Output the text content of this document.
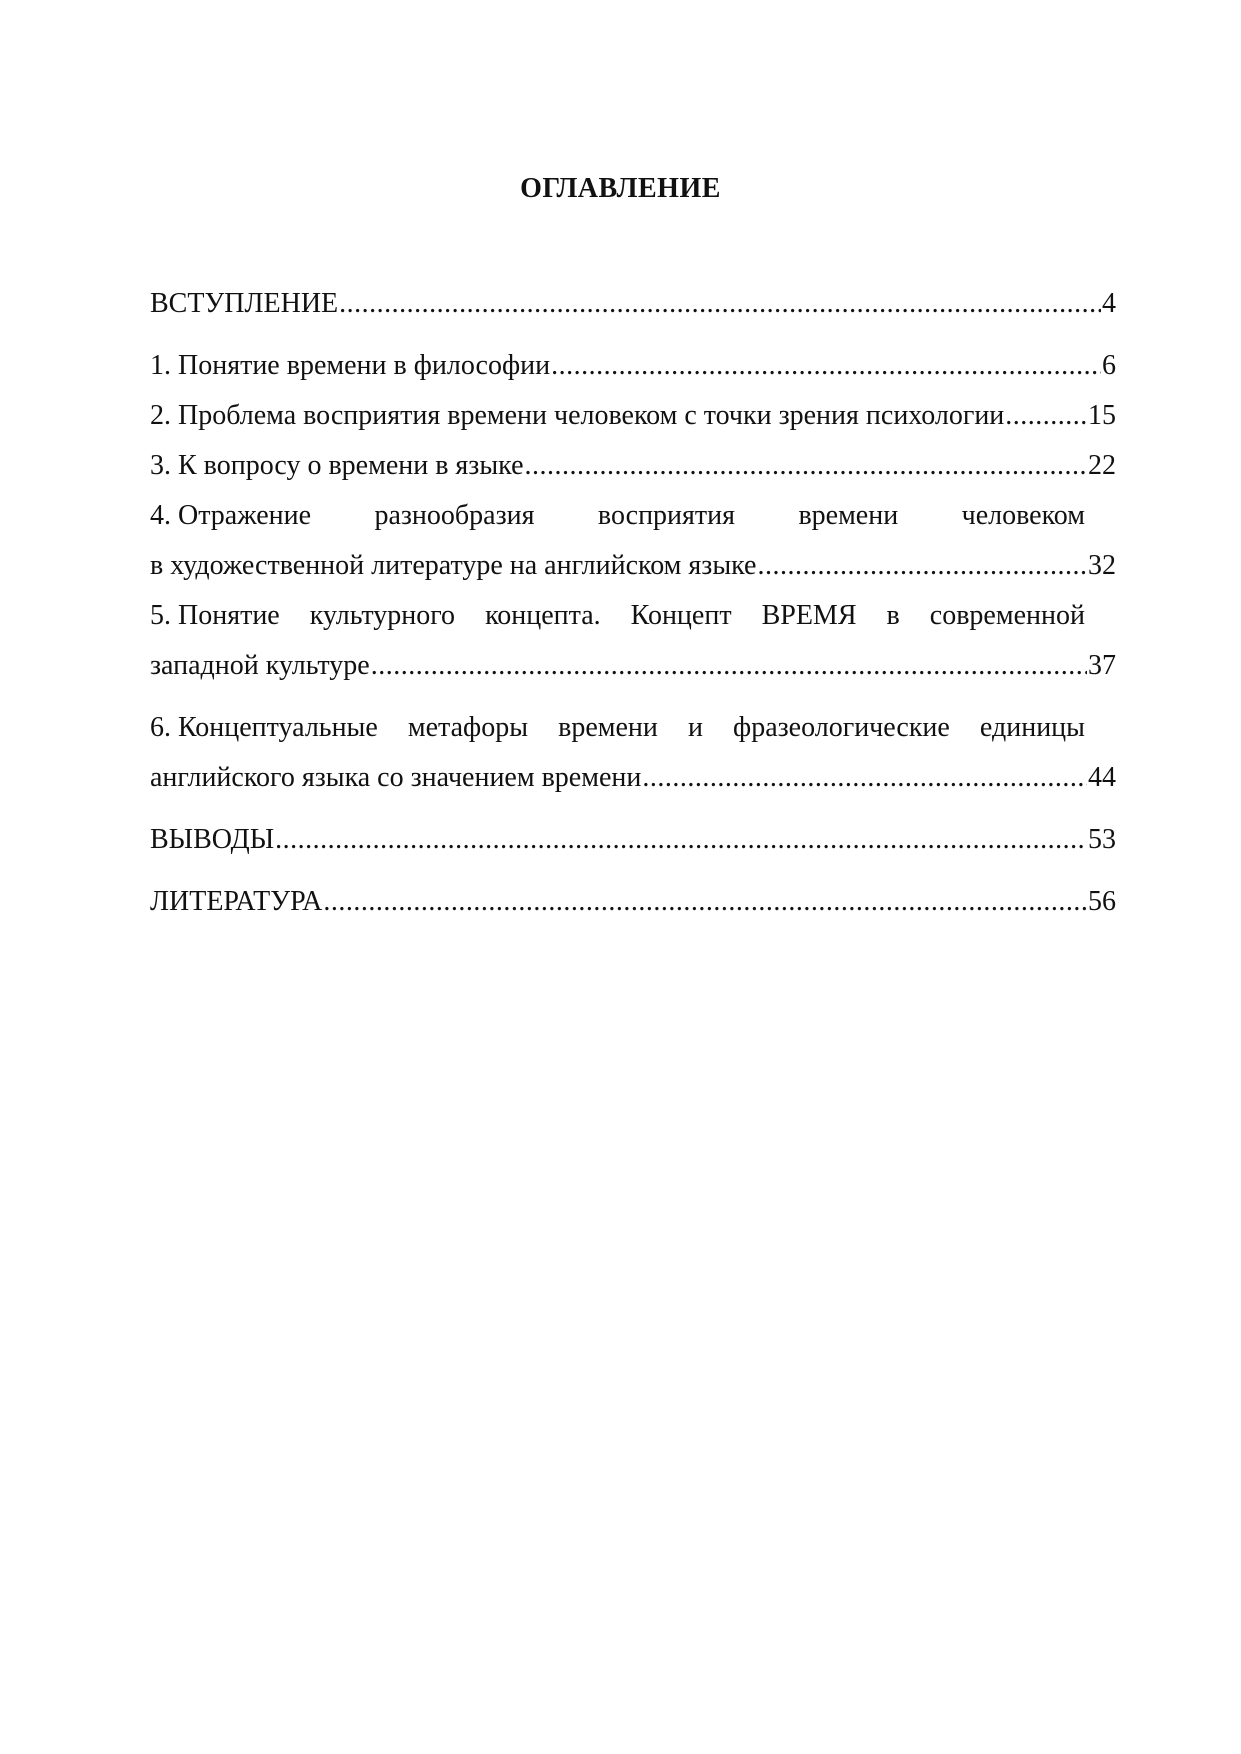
ОГЛАВЛЕНИЕ
ВСТУПЛЕНИЕ .....	4
1. Понятие времени в философии .....	6
2. Проблема восприятия времени человеком с точки зрения психологии .....	15
3. К вопросу о времени в языке .....	22
4. Отражение разнообразия восприятия времени человеком
в художественной литературе на английском языке .....	32
5. Понятие культурного концепта. Концепт ВРЕМЯ в современной
западной культуре .....	37
6. Концептуальные метафоры времени и фразеологические единицы
английского языка со значением времени .....	44
ВЫВОДЫ .....	53
ЛИТЕРАТУРА .....	56
